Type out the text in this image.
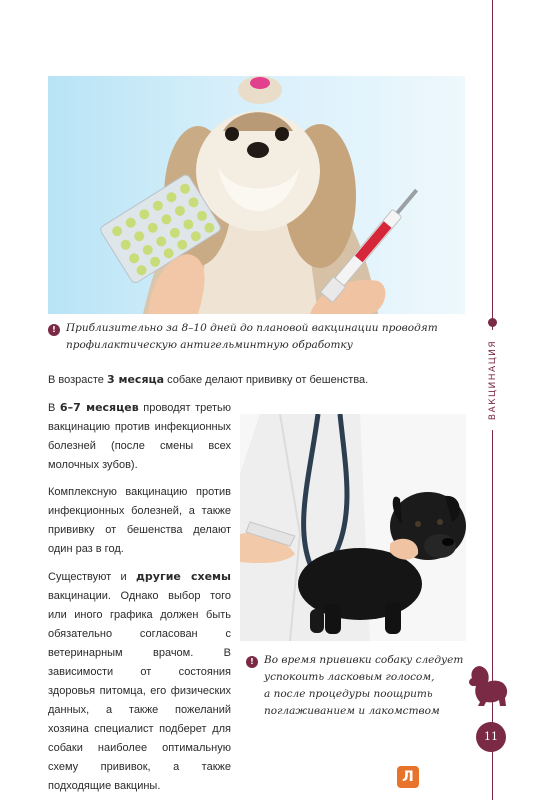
ВАКЦИНАЦИЯ
! Приблизительно за 8–10 дней до плановой вакцинации проводят
профилактическую антигельминтную обработку
В возрасте 3 месяца собаке делают прививку от бешенства.

В 6–7 месяцев проводят третью вакцинацию против инфекционных болезней (после смены всех молочных зубов).

Комплексную вакцинацию против инфекционных болезней, а также прививку от бешенства делают один раз в год.

Существуют и другие схемы вакцинации. Однако выбор того или иного графика должен быть обязательно согласован с ветеринарным врачом. В зависимости от состояния здоровья питомца, его физических данных, а также пожеланий хозяина специалист подберет для собаки наиболее оптимальную схему прививок, а также подходящие вакцины.

! Во время прививки собаку следует
успокоить ласковым голосом,
а после процедуры поощрить
поглаживанием и лакомством
11
Л
